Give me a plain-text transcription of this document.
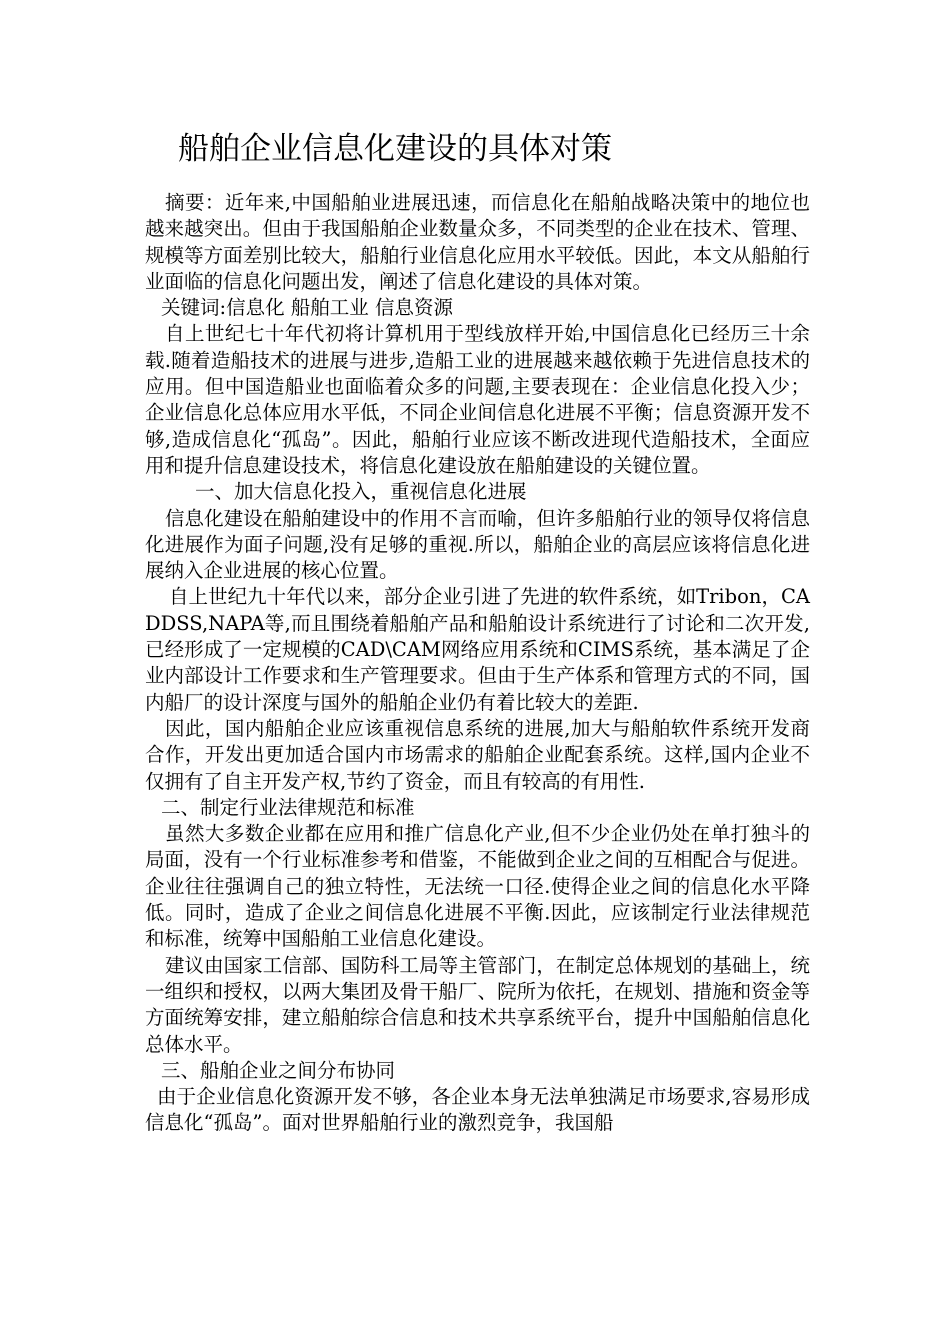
船舶企业信息化建设的具体对策

摘要：近年来,中国船舶业进展迅速，而信息化在船舶战略决策中的地位也越来越突出。但由于我国船舶企业数量众多，不同类型的企业在技术、管理、规模等方面差别比较大，船舶行业信息化应用水平较低。因此，本文从船舶行业面临的信息化问题出发，阐述了信息化建设的具体对策。

关键词:信息化 船舶工业 信息资源

自上世纪七十年代初将计算机用于型线放样开始,中国信息化已经历三十余载.随着造船技术的进展与进步,造船工业的进展越来越依赖于先进信息技术的应用。但中国造船业也面临着众多的问题,主要表现在：企业信息化投入少；企业信息化总体应用水平低，不同企业间信息化进展不平衡；信息资源开发不够,造成信息化“孤岛”。因此，船舶行业应该不断改进现代造船技术，全面应用和提升信息建设技术，将信息化建设放在船舶建设的关键位置。

一、加大信息化投入，重视信息化进展

信息化建设在船舶建设中的作用不言而喻，但许多船舶行业的领导仅将信息化进展作为面子问题,没有足够的重视.所以，船舶企业的高层应该将信息化进展纳入企业进展的核心位置。

自上世纪九十年代以来，部分企业引进了先进的软件系统，如Tribon，CADDSS,NAPA等,而且围绕着船舶产品和船舶设计系统进行了讨论和二次开发,已经形成了一定规模的CAD\CAM网络应用系统和CIMS系统，基本满足了企业内部设计工作要求和生产管理要求。但由于生产体系和管理方式的不同，国内船厂的设计深度与国外的船舶企业仍有着比较大的差距.

因此，国内船舶企业应该重视信息系统的进展,加大与船舶软件系统开发商合作，开发出更加适合国内市场需求的船舶企业配套系统。这样,国内企业不仅拥有了自主开发产权,节约了资金，而且有较高的有用性.

二、制定行业法律规范和标准

虽然大多数企业都在应用和推广信息化产业,但不少企业仍处在单打独斗的局面，没有一个行业标准参考和借鉴，不能做到企业之间的互相配合与促进。企业往往强调自己的独立特性，无法统一口径.使得企业之间的信息化水平降低。同时，造成了企业之间信息化进展不平衡.因此，应该制定行业法律规范和标准，统筹中国船舶工业信息化建设。

建议由国家工信部、国防科工局等主管部门，在制定总体规划的基础上，统一组织和授权，以两大集团及骨干船厂、院所为依托，在规划、措施和资金等方面统筹安排，建立船舶综合信息和技术共享系统平台，提升中国船舶信息化总体水平。

三、船舶企业之间分布协同

由于企业信息化资源开发不够，各企业本身无法单独满足市场要求,容易形成信息化“孤岛”。面对世界船舶行业的激烈竞争，我国船
